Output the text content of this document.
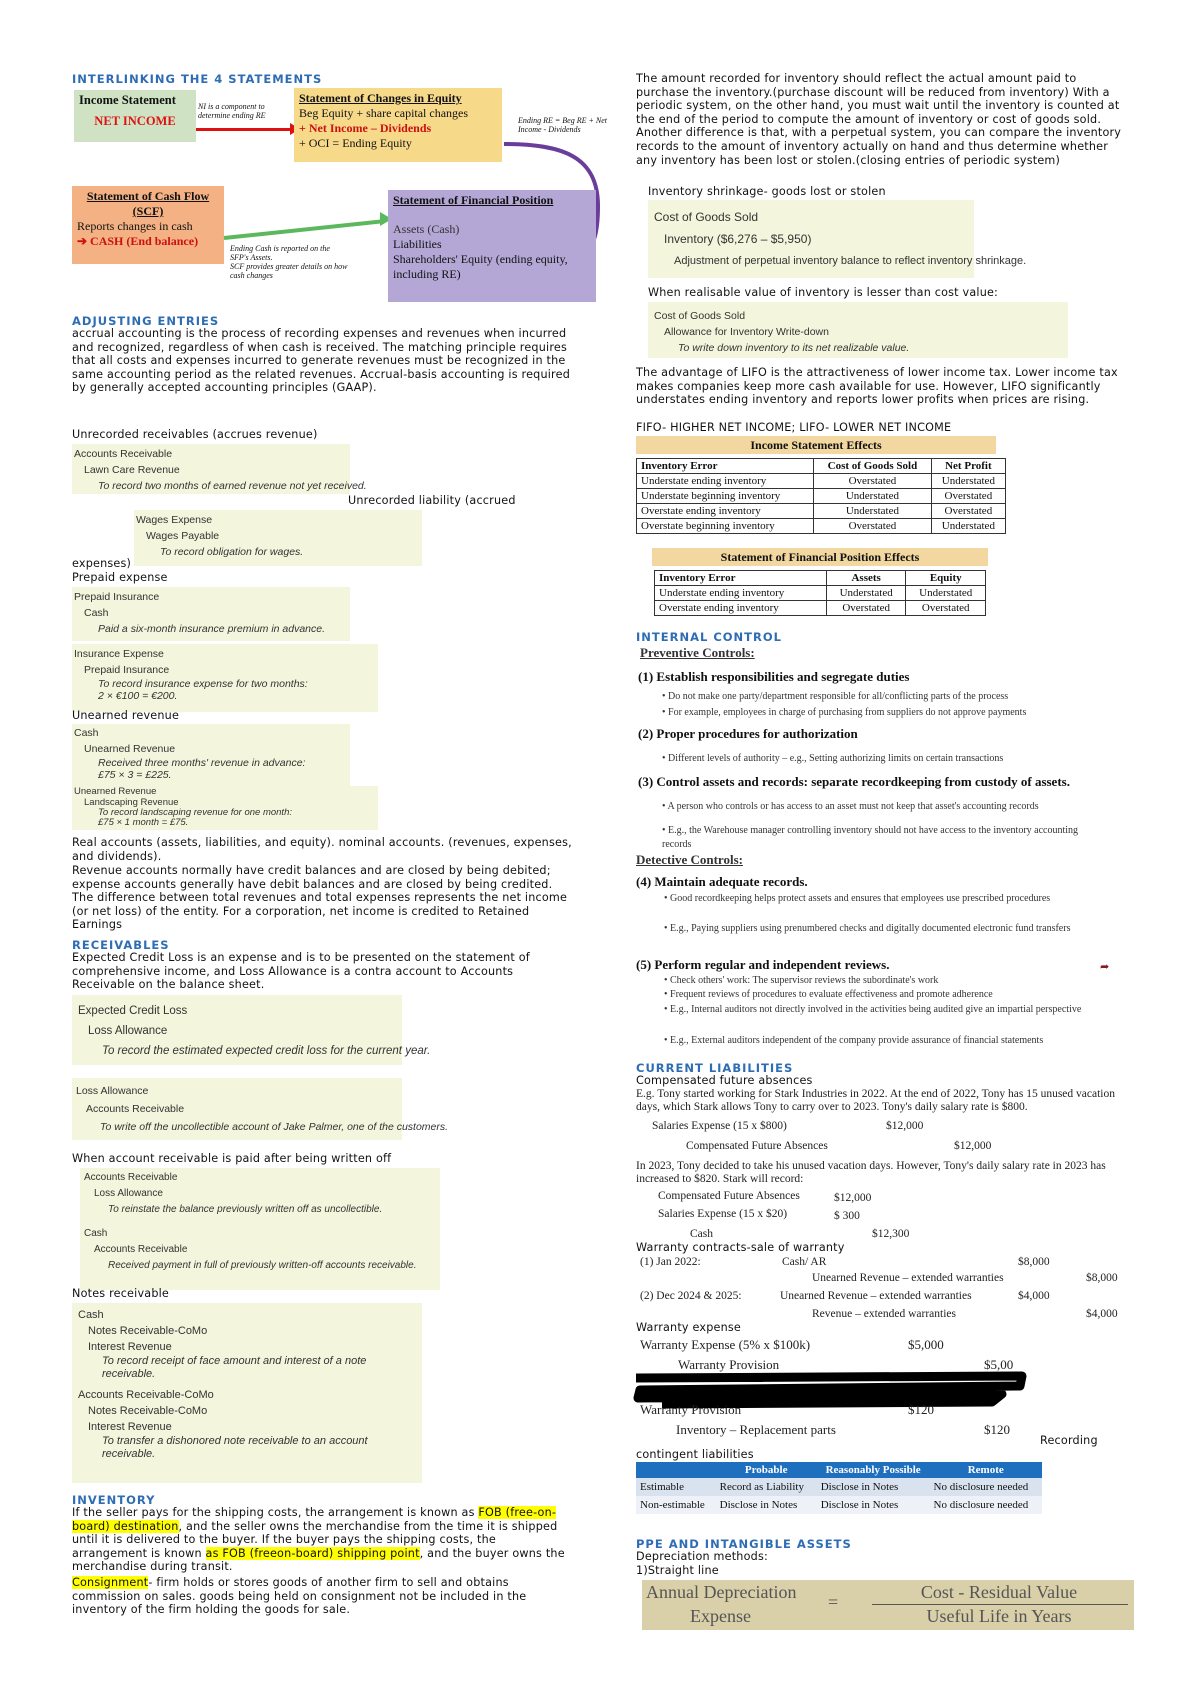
INTERLINKING THE 4 STATEMENTS
Income Statement
NET INCOME
NI is a component to determine ending RE
Statement of Changes in Equity
Beg Equity + share capital changes
+ Net Income – Dividends
+ OCI = Ending Equity
Ending RE = Beg RE + Net Income - Dividends
Statement of Cash Flow (SCF)
Reports changes in cash
➔ CASH (End balance)
Ending Cash is reported on the SFP's Assets.
SCF provides greater details on how cash changes
Statement of Financial Position
Assets (Cash)
Liabilities
Shareholders' Equity (ending equity, including RE)
ADJUSTING ENTRIES
accrual accounting is the process of recording expenses and revenues when incurred and recognized, regardless of when cash is received. The matching principle requires that all costs and expenses incurred to generate revenues must be recognized in the same accounting period as the related revenues. Accrual-basis accounting is required by generally accepted accounting principles (GAAP).
Unrecorded receivables (accrues revenue)
Accounts Receivable
Lawn Care Revenue
To record two months of earned revenue not yet received.
Unrecorded liability (accrued
Wages Expense
Wages Payable
To record obligation for wages.
expenses)
Prepaid expense
Prepaid Insurance
Cash
Paid a six-month insurance premium in advance.
Insurance Expense
Prepaid Insurance
To record insurance expense for two months:
2 × €100 = €200.
Unearned revenue
Cash
Unearned Revenue
Received three months' revenue in advance:
£75 × 3 = £225.
Unearned Revenue
Landscaping Revenue
To record landscaping revenue for one month:
£75 × 1 month = £75.
Real accounts (assets, liabilities, and equity). nominal accounts. (revenues, expenses, and dividends).
Revenue accounts normally have credit balances and are closed by being debited; expense accounts generally have debit balances and are closed by being credited. The difference between total revenues and total expenses represents the net income (or net loss) of the entity. For a corporation, net income is credited to Retained Earnings
RECEIVABLES
Expected Credit Loss is an expense and is to be presented on the statement of comprehensive income, and Loss Allowance is a contra account to Accounts Receivable on the balance sheet.
Expected Credit Loss
Loss Allowance
To record the estimated expected credit loss for the current year.
Loss Allowance
Accounts Receivable
To write off the uncollectible account of Jake Palmer, one of the customers.
When account receivable is paid after being written off
Accounts Receivable
Loss Allowance
To reinstate the balance previously written off as uncollectible.
Cash
Accounts Receivable
Received payment in full of previously written-off accounts receivable.
Notes receivable
Cash
Notes Receivable-CoMo
Interest Revenue
To record receipt of face amount and interest of a note receivable.
Accounts Receivable-CoMo
Notes Receivable-CoMo
Interest Revenue
To transfer a dishonored note receivable to an account receivable.
INVENTORY
If the seller pays for the shipping costs, the arrangement is known as FOB (free-on-board) destination, and the seller owns the merchandise from the time it is shipped until it is delivered to the buyer. If the buyer pays the shipping costs, the arrangement is known as FOB (freeon-board) shipping point, and the buyer owns the merchandise during transit.
Consignment- firm holds or stores goods of another firm to sell and obtains commission on sales. goods being held on consignment not be included in the inventory of the firm holding the goods for sale.
The amount recorded for inventory should reflect the actual amount paid to purchase the inventory.(purchase discount will be reduced from inventory) With a periodic system, on the other hand, you must wait until the inventory is counted at the end of the period to compute the amount of inventory or cost of goods sold. Another difference is that, with a perpetual system, you can compare the inventory records to the amount of inventory actually on hand and thus determine whether any inventory has been lost or stolen.(closing entries of periodic system)
Inventory shrinkage- goods lost or stolen
Cost of Goods Sold
Inventory ($6,276 – $5,950)
Adjustment of perpetual inventory balance to reflect inventory shrinkage.
When realisable value of inventory is lesser than cost value:
Cost of Goods Sold
Allowance for Inventory Write-down
To write down inventory to its net realizable value.
The advantage of LIFO is the attractiveness of lower income tax. Lower income tax makes companies keep more cash available for use. However, LIFO significantly understates ending inventory and reports lower profits when prices are rising.
FIFO- HIGHER NET INCOME; LIFO- LOWER NET INCOME
Income Statement Effects
Inventory Error	Cost of Goods Sold	Net Profit
Understate ending inventory	Overstated	Understated
Understate beginning inventory	Understated	Overstated
Overstate ending inventory	Understated	Overstated
Overstate beginning inventory	Overstated	Understated
Statement of Financial Position Effects
Inventory Error	Assets	Equity
Understate ending inventory	Understated	Understated
Overstate ending inventory	Overstated	Overstated
INTERNAL CONTROL
Preventive Controls:
(1) Establish responsibilities and segregate duties
• Do not make one party/department responsible for all/conflicting parts of the process
• For example, employees in charge of purchasing from suppliers do not approve payments
(2) Proper procedures for authorization
• Different levels of authority – e.g., Setting authorizing limits on certain transactions
(3) Control assets and records: separate recordkeeping from custody of assets.
• A person who controls or has access to an asset must not keep that asset's accounting records
• E.g., the Warehouse manager controlling inventory should not have access to the inventory accounting records
Detective Controls:
(4) Maintain adequate records.
• Good recordkeeping helps protect assets and ensures that employees use prescribed procedures
• E.g., Paying suppliers using prenumbered checks and digitally documented electronic fund transfers
(5) Perform regular and independent reviews.	➦
• Check others' work: The supervisor reviews the subordinate's work
• Frequent reviews of procedures to evaluate effectiveness and promote adherence
• E.g., Internal auditors not directly involved in the activities being audited give an impartial perspective
• E.g., External auditors independent of the company provide assurance of financial statements
CURRENT LIABILITIES
Compensated future absences
E.g. Tony started working for Stark Industries in 2022. At the end of 2022, Tony has 15 unused vacation days, which Stark allows Tony to carry over to 2023. Tony's daily salary rate is $800.
Salaries Expense (15 x $800)	$12,000
Compensated Future Absences	$12,000
In 2023, Tony decided to take his unused vacation days. However, Tony's daily salary rate in 2023 has increased to $820. Stark will record:
Compensated Future Absences	$12,000
Salaries Expense (15 x $20)	$ 300
Cash	$12,300
Warranty contracts-sale of warranty
(1) Jan 2022:	Cash/ AR	$8,000
Unearned Revenue – extended warranties	$8,000
(2) Dec 2024 & 2025:	Unearned Revenue – extended warranties	$4,000
Revenue – extended warranties	$4,000
Warranty expense
Warranty Expense (5% x $100k)	$5,000
Warranty Provision	$5,00
Warranty Provision	$120
Inventory – Replacement parts	$120
Recording
contingent liabilities
	Probable	Reasonably Possible	Remote
Estimable	Record as Liability	Disclose in Notes	No disclosure needed
Non-estimable	Disclose in Notes	Disclose in Notes	No disclosure needed
PPE AND INTANGIBLE ASSETS
Depreciation methods:
1)Straight line
Annual Depreciation
Expense
=	Cost - Residual Value
Useful Life in Years
